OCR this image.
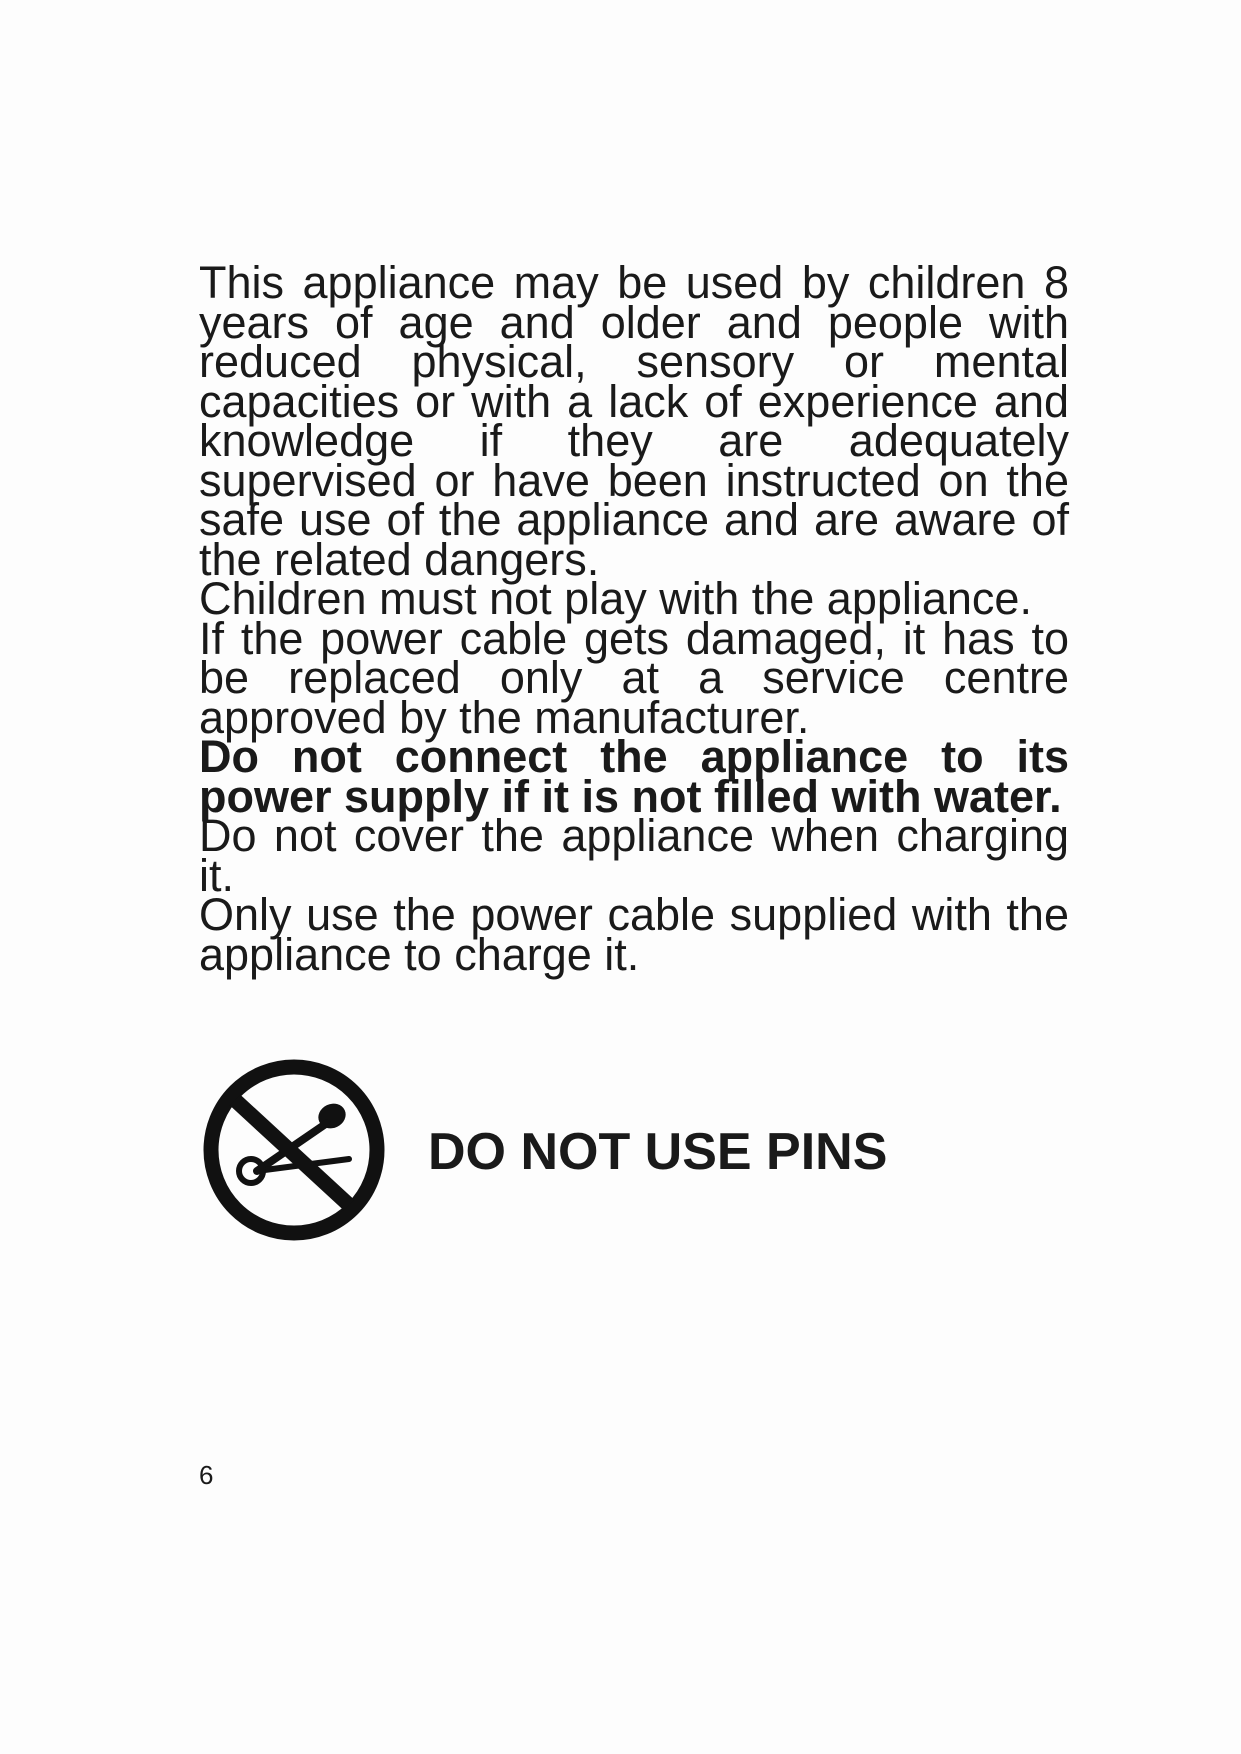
This appliance may be used by children 8 years of age and older and people with reduced physical, sensory or mental capacities or with a lack of experience and knowledge if they are adequately supervised or have been instructed on the safe use of the appliance and are aware of the related dangers.

Children must not play with the appliance.

If the power cable gets damaged, it has to be replaced only at a service centre approved by the manufacturer.

Do not connect the appliance to its power supply if it is not filled with water.

Do not cover the appliance when charging it.

Only use the power cable supplied with the appliance to charge it.

DO NOT USE PINS
6
